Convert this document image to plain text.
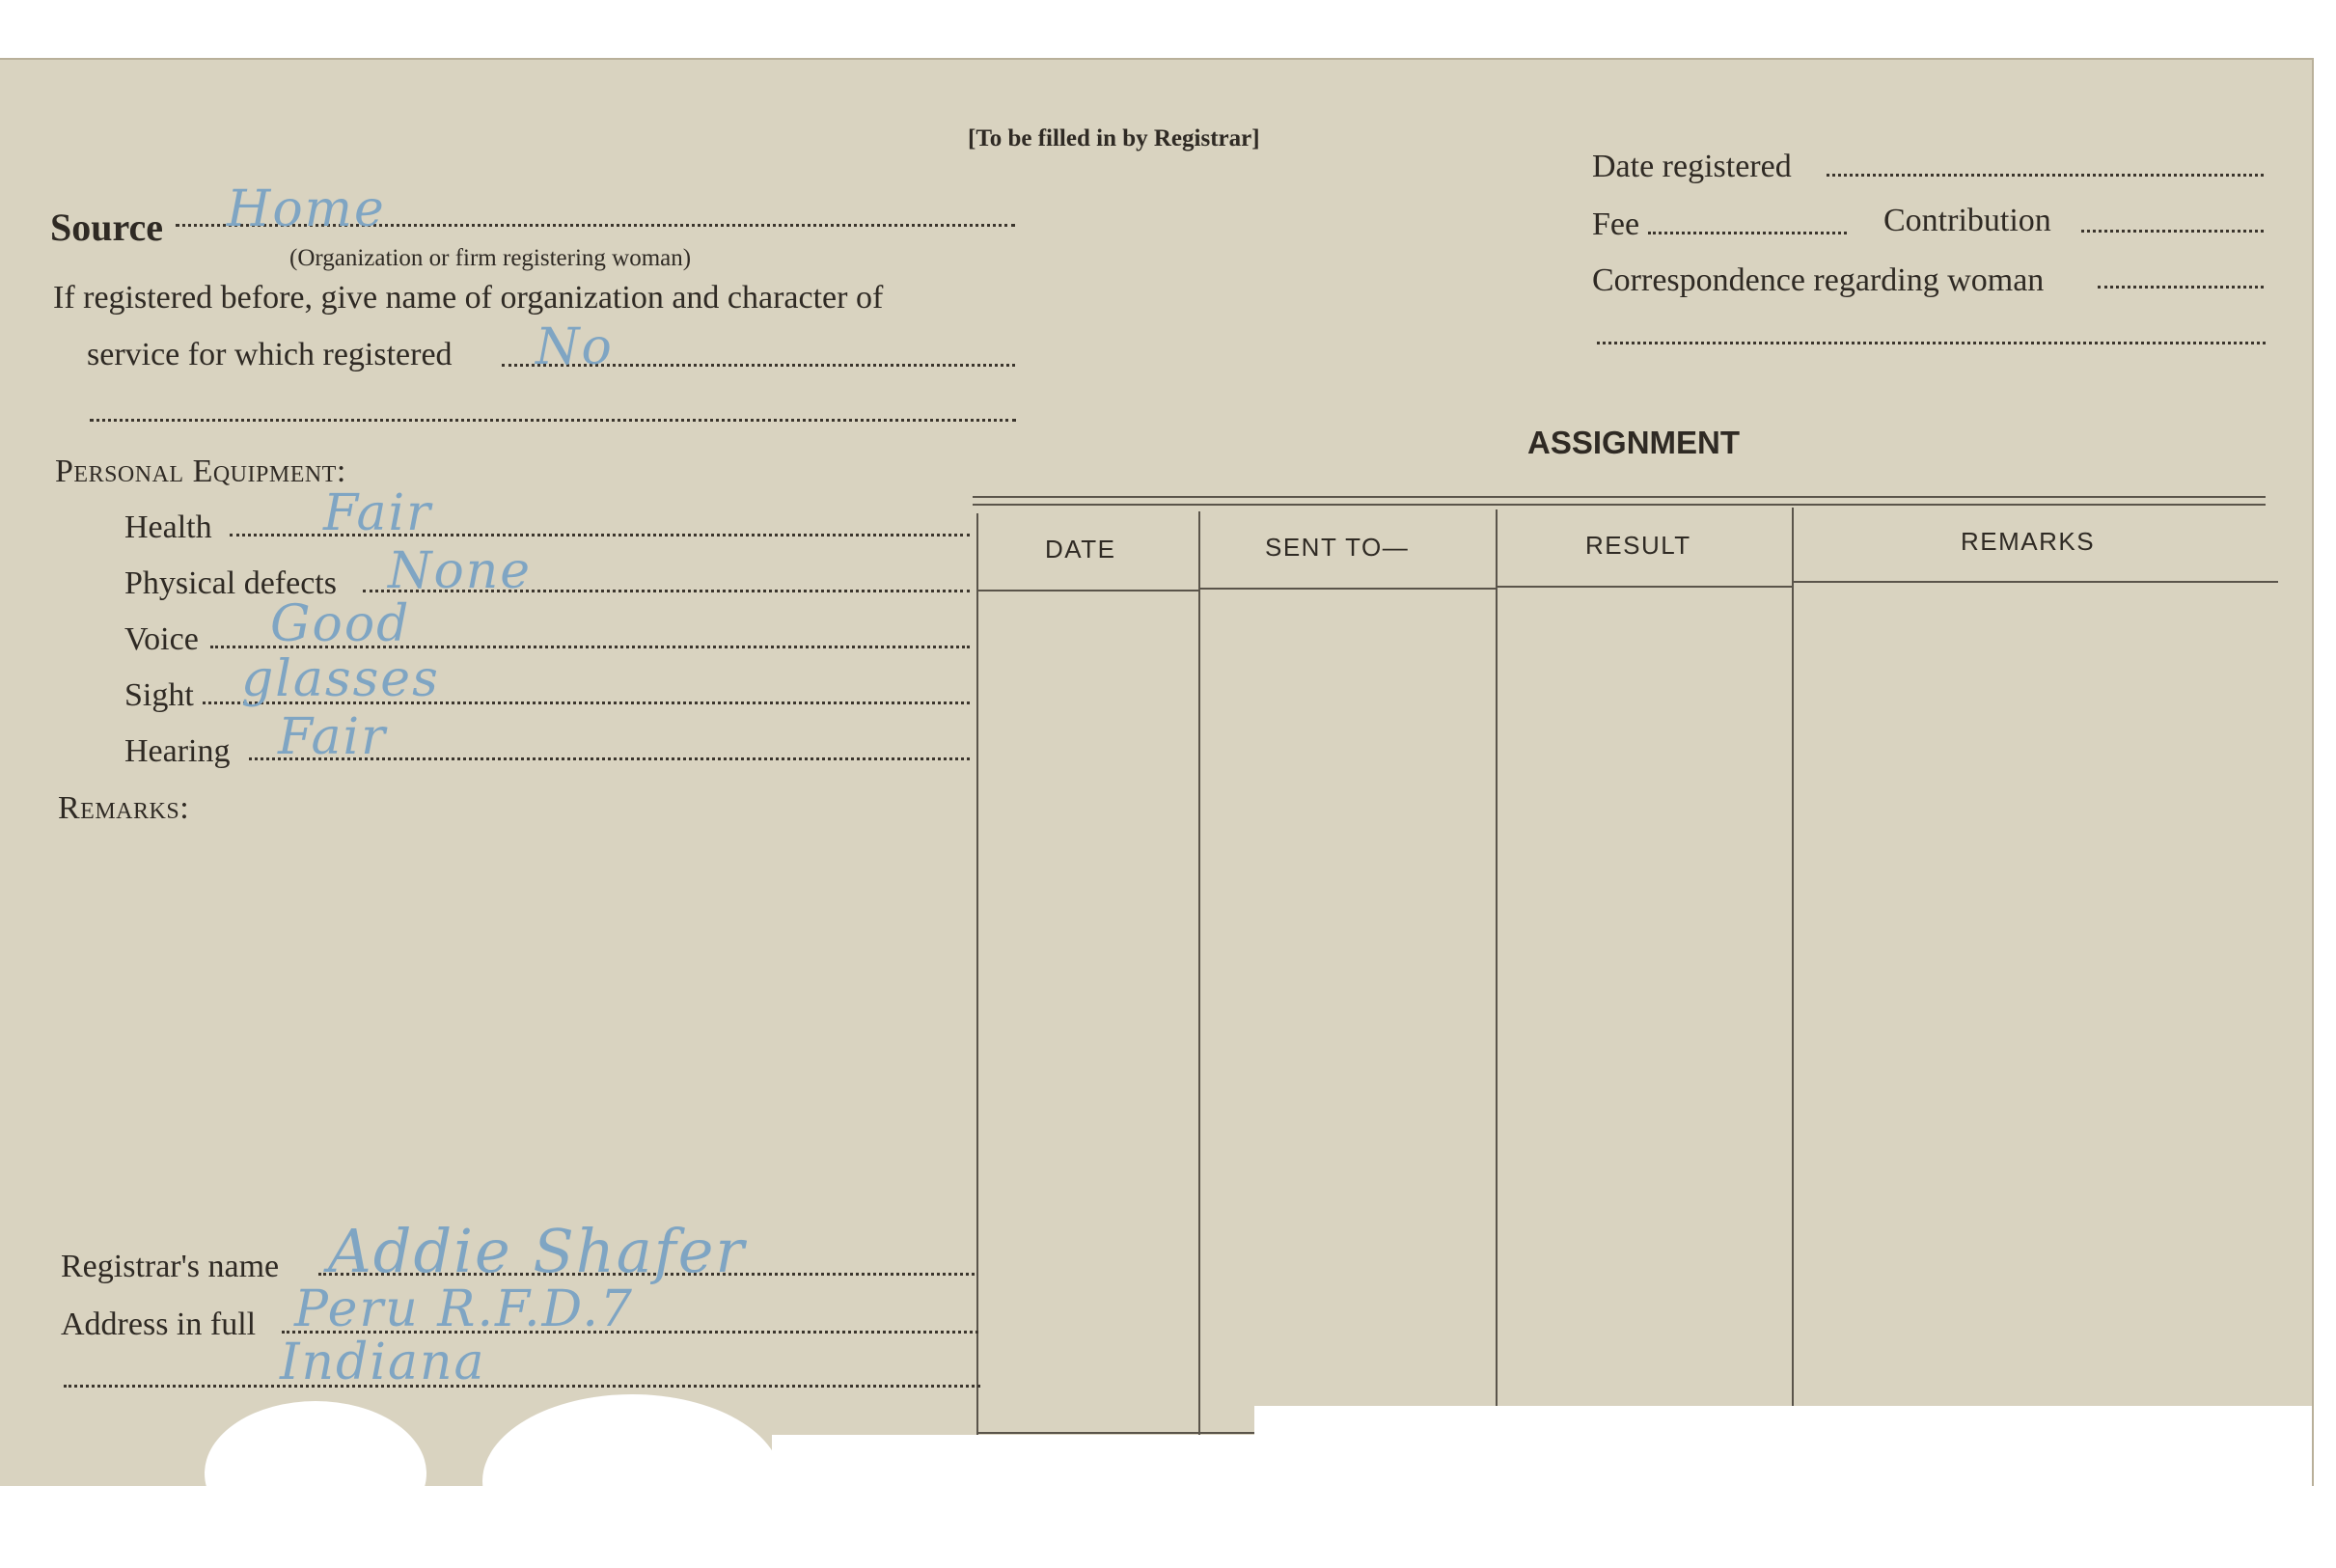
[To be filled in by Registrar]
Source Home
(Organization or firm registering woman)
If registered before, give name of organization and character of
service for which registered No
Date registered
Fee	Contribution
Correspondence regarding woman
Personal Equipment:
Health Fair
Physical defects None
Voice Good
Sight glasses
Hearing Fair
Remarks:
ASSIGNMENT
DATE	SENT TO—	RESULT	REMARKS
Registrar's name Addie Shafer
Address in full Peru R.F.D.7
Indiana
